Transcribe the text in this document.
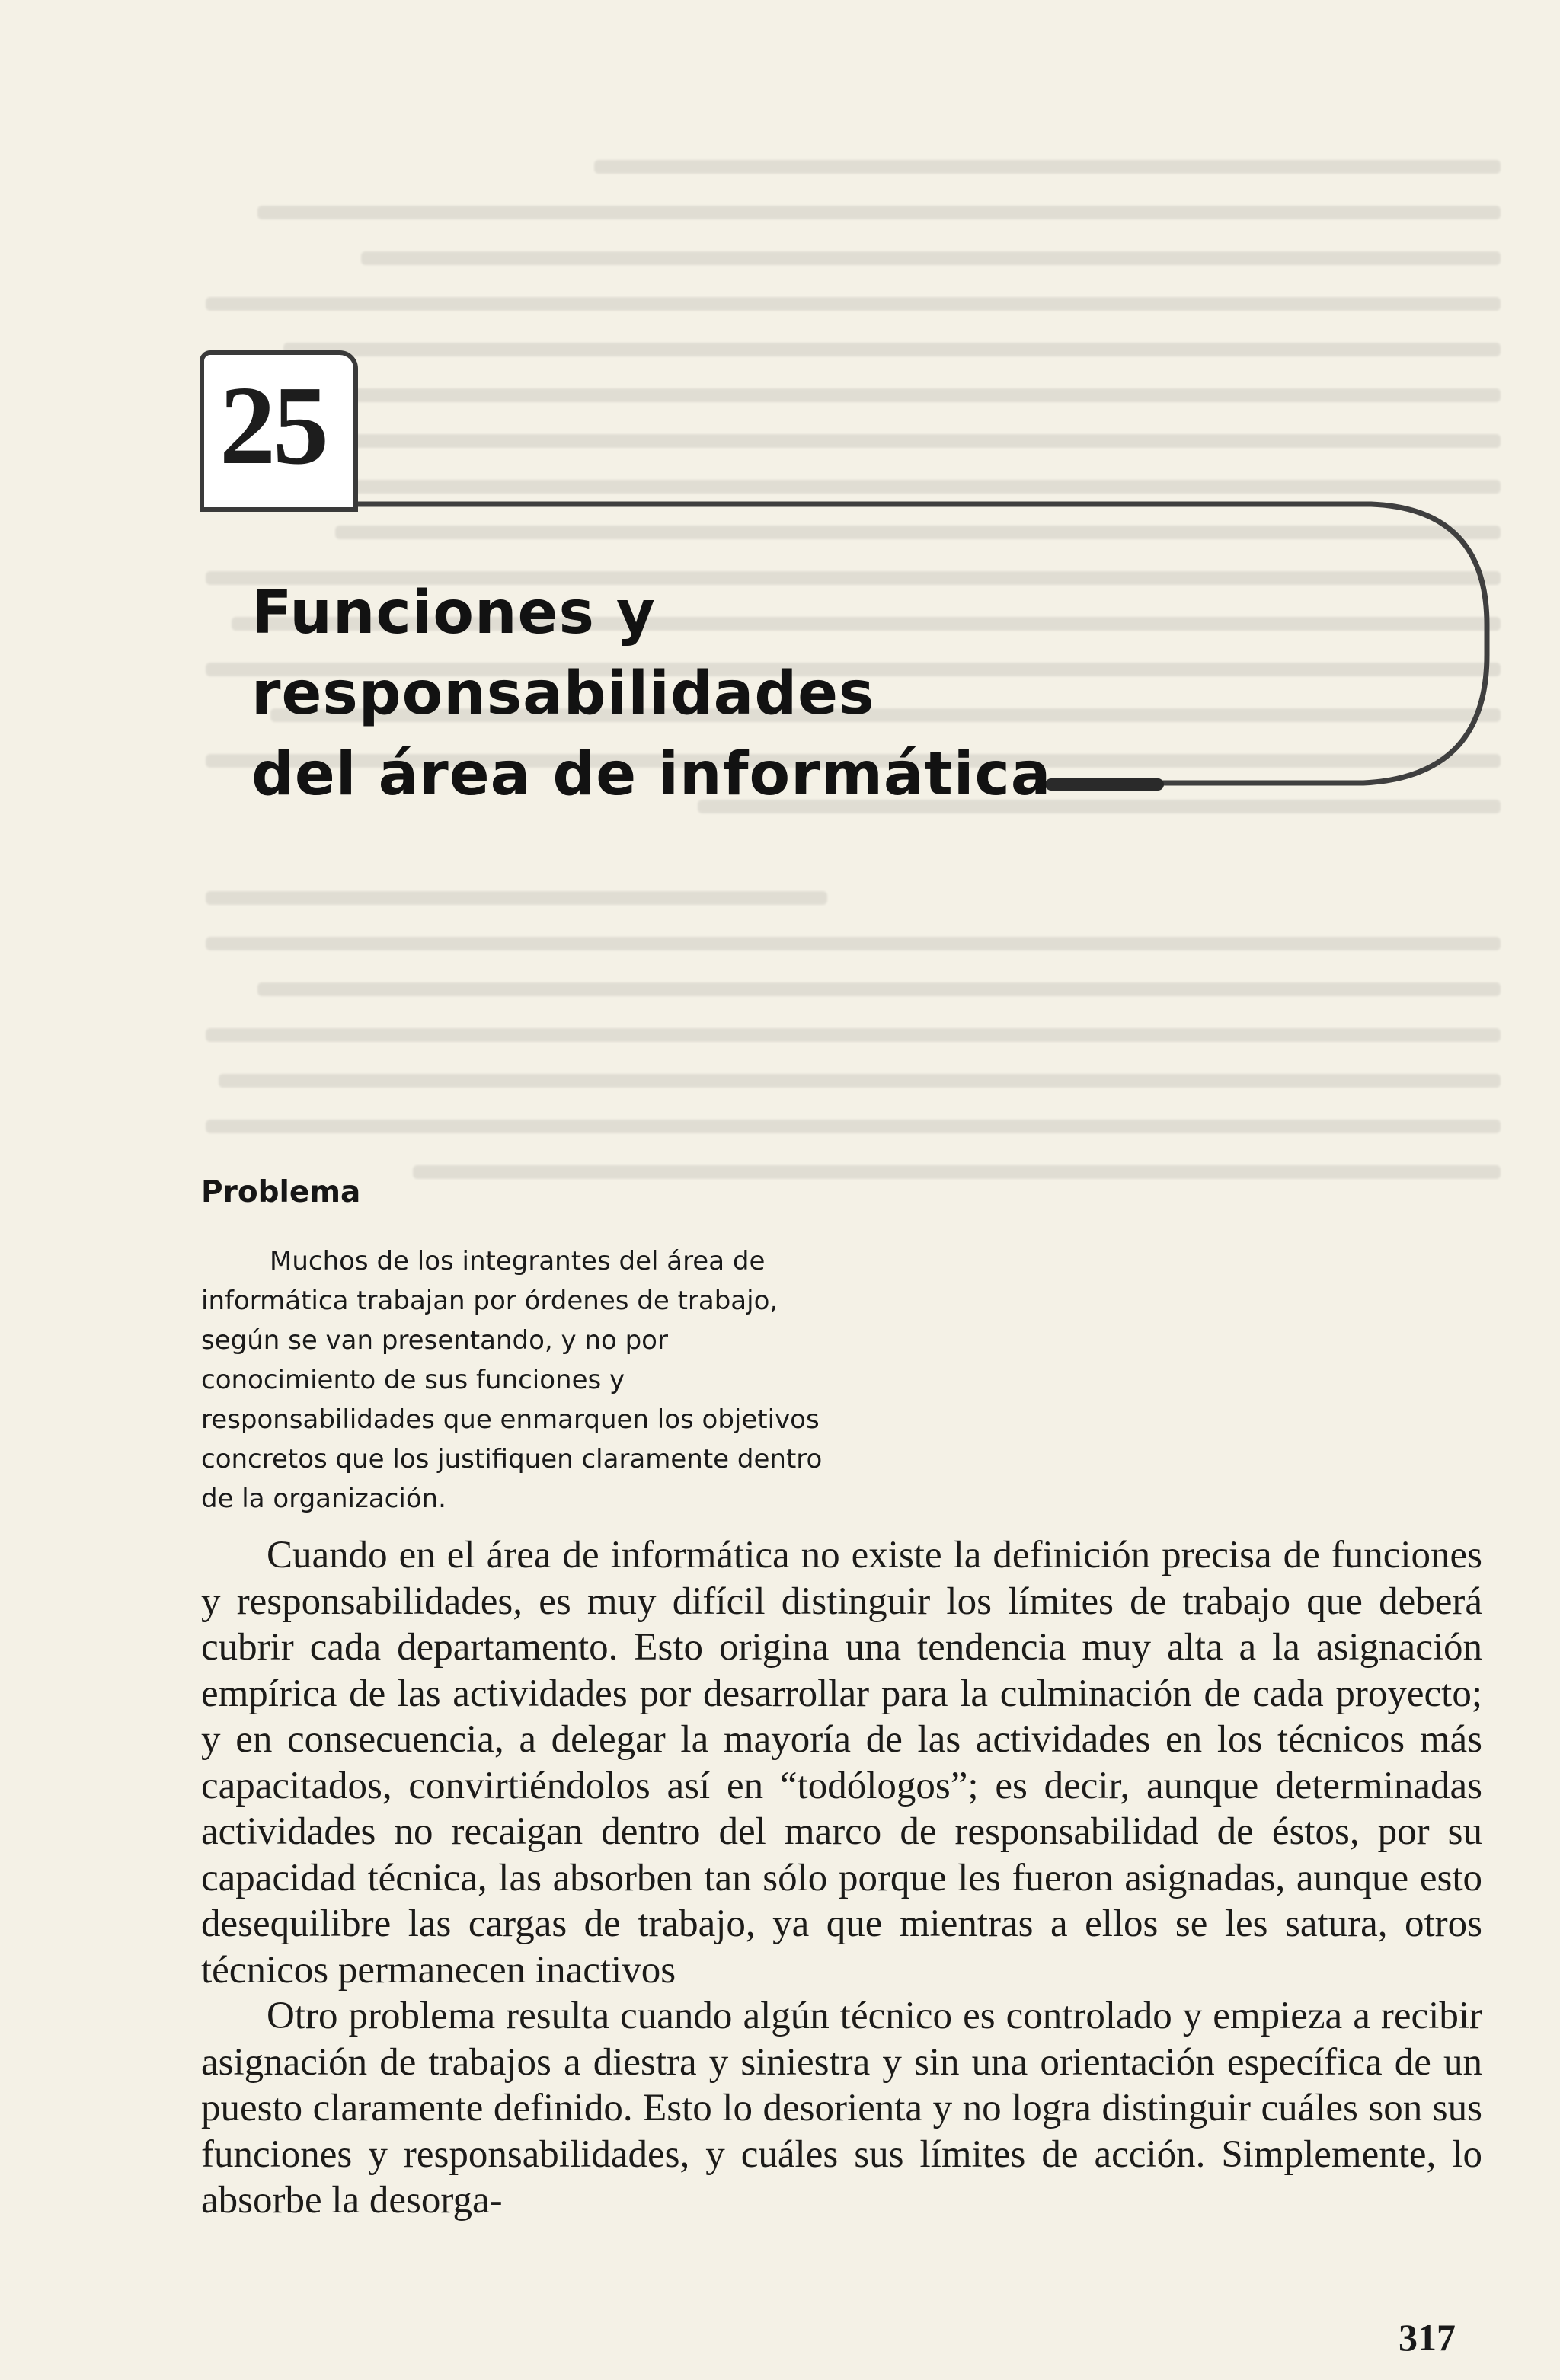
25
Funciones y responsabilidades
del área de informática
Problema
Muchos de los integrantes del área de informática trabajan por órdenes de trabajo, según se van presentando, y no por conocimiento de sus funciones y responsabilidades que enmarquen los objetivos concretos que los justifiquen claramente dentro de la organización.

Cuando en el área de informática no existe la definición precisa de funciones y responsabilidades, es muy difícil distinguir los límites de trabajo que deberá cubrir cada departamento. Esto origina una tendencia muy alta a la asignación empírica de las actividades por desarrollar para la culminación de cada proyecto; y en consecuencia, a delegar la mayoría de las actividades en los técnicos más capacitados, convirtiéndolos así en “todólogos”; es decir, aunque determinadas actividades no recaigan dentro del marco de responsabilidad de éstos, por su capacidad técnica, las absorben tan sólo porque les fueron asignadas, aunque esto desequilibre las cargas de trabajo, ya que mientras a ellos se les satura, otros técnicos permanecen inactivos

Otro problema resulta cuando algún técnico es controlado y empieza a recibir asignación de trabajos a diestra y siniestra y sin una orientación específica de un puesto claramente definido. Esto lo desorienta y no logra distinguir cuáles son sus funciones y responsabilidades, y cuáles sus límites de acción. Simplemente, lo absorbe la desorga-

317
